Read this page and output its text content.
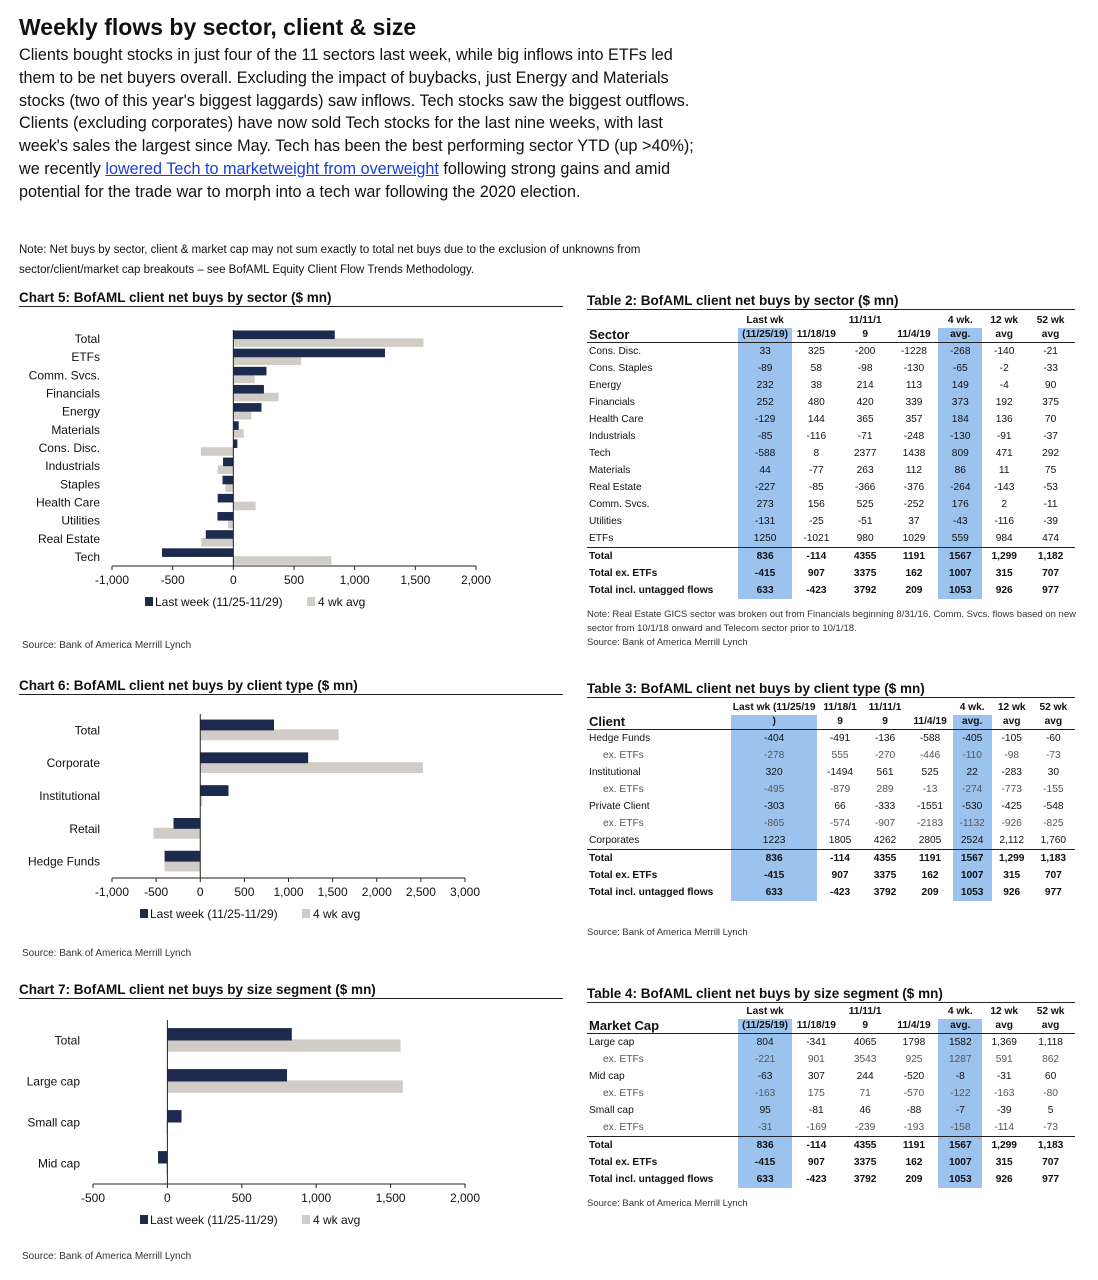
Weekly flows by sector, client & size
Clients bought stocks in just four of the 11 sectors last week, while big inflows into ETFs led them to be net buyers overall. Excluding the impact of buybacks, just Energy and Materials stocks (two of this year's biggest laggards) saw inflows. Tech stocks saw the biggest outflows. Clients (excluding corporates) have now sold Tech stocks for the last nine weeks, with last week's sales the largest since May. Tech has been the best performing sector YTD (up >40%); we recently lowered Tech to marketweight from overweight following strong gains and amid potential for the trade war to morph into a tech war following the 2020 election.
Note: Net buys by sector, client & market cap may not sum exactly to total net buys due to the exclusion of unknowns from sector/client/market cap breakouts – see BofAML Equity Client Flow Trends Methodology.
Chart 5: BofAML client net buys by sector ($ mn)
Chart 6: BofAML client net buys by client type ($ mn)
Chart 7: BofAML client net buys by size segment ($ mn)
Total
ETFs
Comm. Svcs.
Financials
Energy
Materials
Cons. Disc.
Industrials
Staples
Health Care
Utilities
Real Estate
Tech
-1,000	-500	0	500	1,000	1,500	2,000
Last week (11/25-11/29)	4 wk avg
Total
Corporate
Institutional
Retail
Hedge Funds
-1,000 -500 0	500 1,000 1,500 2,000 2,500 3,000
Last week (11/25-11/29)	4 wk avg
Total
Large cap
Small cap
Mid cap
-500	0	500	1,000	1,500	2,000
Last week (11/25-11/29)	4 wk avg
Source: Bank of America Merrill Lynch
Source: Bank of America Merrill Lynch
Source: Bank of America Merrill Lynch
Table 2: BofAML client net buys by sector ($ mn)
Table 3: BofAML client net buys by client type ($ mn)
Table 4: BofAML client net buys by size segment ($ mn)
	Last wk		11/11/1		4 wk.	12 wk	52 wk
Sector	(11/25/19)	11/18/19	9	11/4/19	avg.	avg	avg
Cons. Disc.	33	325	-200	-1228	-268	-140	-21
Cons. Staples	-89	58	-98	-130	-65	-2	-33
Energy	232	38	214	113	149	-4	90
Financials	252	480	420	339	373	192	375
Health Care	-129	144	365	357	184	136	70
Industrials	-85	-116	-71	-248	-130	-91	-37
Tech	-588	8	2377	1438	809	471	292
Materials	44	-77	263	112	86	11	75
Real Estate	-227	-85	-366	-376	-264	-143	-53
Comm. Svcs.	273	156	525	-252	176	2	-11
Utilities	-131	-25	-51	37	-43	-116	-39
ETFs	1250	-1021	980	1029	559	984	474
Total	836	-114	4355	1191	1567	1,299	1,182
Total ex. ETFs	-415	907	3375	162	1007	315	707
Total incl. untagged flows	633	-423	3792	209	1053	926	977
	Last wk (11/25/19	11/18/1	11/11/1		4 wk.	12 wk	52 wk
Client	)	9	9	11/4/19	avg.	avg	avg
Hedge Funds	-404	-491	-136	-588	-405	-105	-60
ex. ETFs	-278	555	-270	-446	-110	-98	-73
Institutional	320	-1494	561	525	22	-283	30
ex. ETFs	-495	-879	289	-13	-274	-773	-155
Private Client	-303	66	-333	-1551	-530	-425	-548
ex. ETFs	-865	-574	-907	-2183	-1132	-926	-825
Corporates	1223	1805	4262	2805	2524	2,112	1,760
Total	836	-114	4355	1191	1567	1,299	1,183
Total ex. ETFs	-415	907	3375	162	1007	315	707
Total incl. untagged flows	633	-423	3792	209	1053	926	977
	Last wk		11/11/1		4 wk.	12 wk	52 wk
Market Cap	(11/25/19)	11/18/19	9	11/4/19	avg.	avg	avg
Large cap	804	-341	4065	1798	1582	1,369	1,118
ex. ETFs	-221	901	3543	925	1287	591	862
Mid cap	-63	307	244	-520	-8	-31	60
ex. ETFs	-163	175	71	-570	-122	-163	-80
Small cap	95	-81	46	-88	-7	-39	5
ex. ETFs	-31	-169	-239	-193	-158	-114	-73
Total	836	-114	4355	1191	1567	1,299	1,183
Total ex. ETFs	-415	907	3375	162	1007	315	707
Total incl. untagged flows	633	-423	3792	209	1053	926	977
Note: Real Estate GICS sector was broken out from Financials beginning 8/31/16. Comm. Svcs. flows based on new sector from 10/1/18 onward and Telecom sector prior to 10/1/18.
Source: Bank of America Merrill Lynch
Source: Bank of America Merrill Lynch
Source: Bank of America Merrill Lynch
